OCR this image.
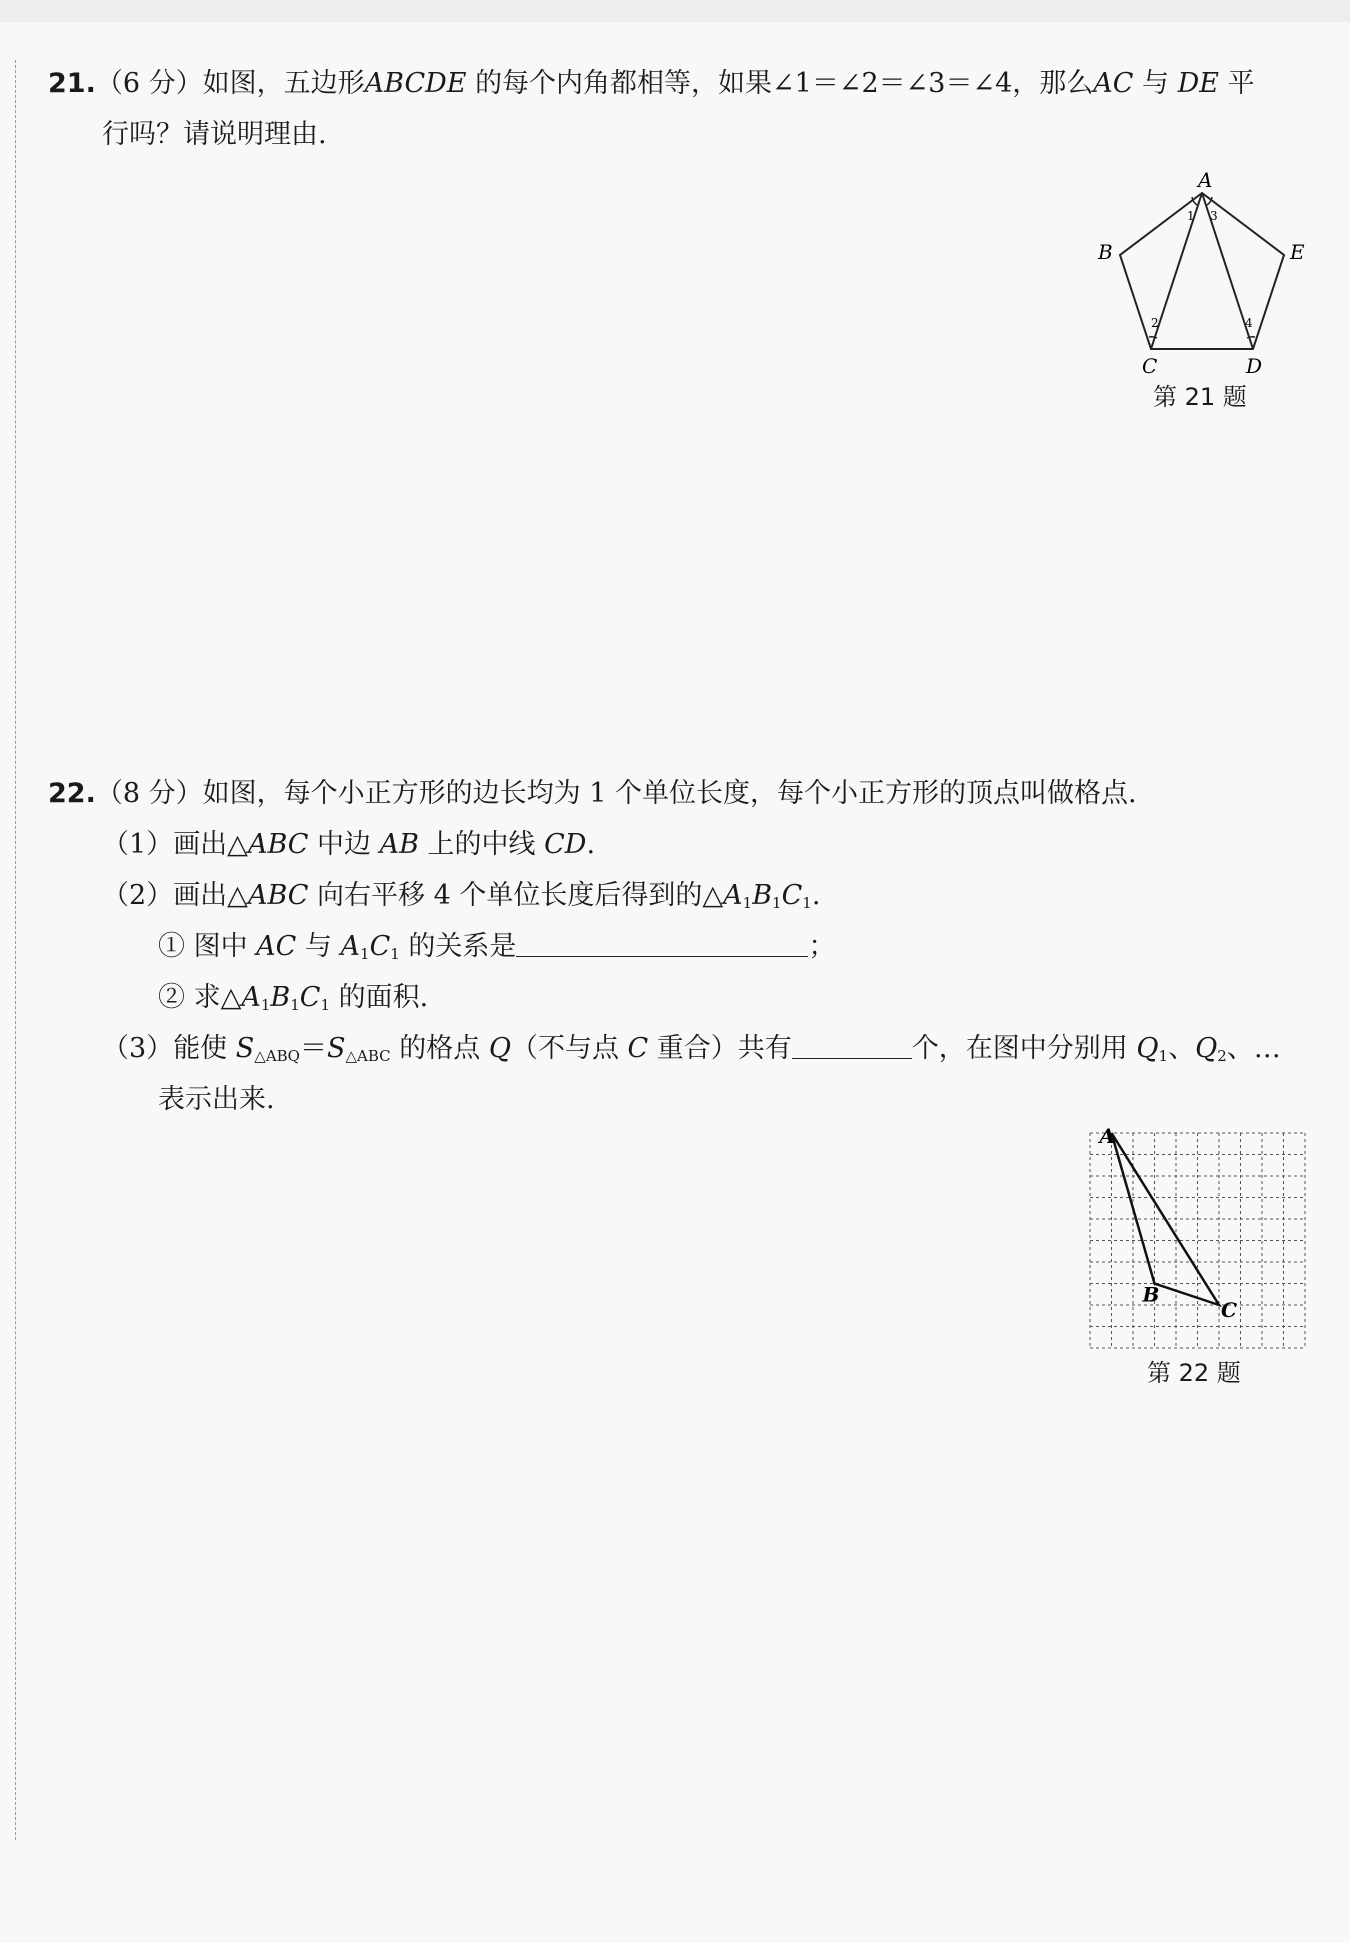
21.（6 分）如图，五边形ABCDE 的每个内角都相等，如果∠1＝∠2＝∠3＝∠4，那么AC 与 DE 平
行吗？请说明理由.
A
B
C	D
E
1 3
2	4
第 21 题
22.（8 分）如图，每个小正方形的边长均为 1 个单位长度，每个小正方形的顶点叫做格点.
（1）画出△ABC 中边 AB 上的中线 CD.
（2）画出△ABC 向右平移 4 个单位长度后得到的$\triangle A_1B_1C_1$.
① 图中 AC 与 $A_1C_1$ 的关系是	；
② 求$\triangle A_1B_1C_1$ 的面积.
（3）能使 $S_{\triangle ABQ}=S_{\triangle ABC}$ 的格点 Q（不与点 C 重合）共有	个，在图中分别用 $Q_1$、$Q_2$、…
表示出来.
A
B
C
第 22 题
